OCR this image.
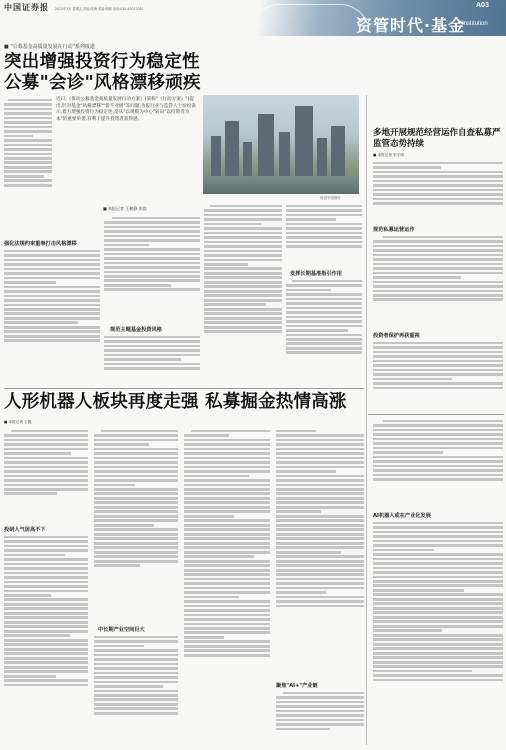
中国证券报 2025年3月 星期五 责编:张海 美编:韩鹏 电话:010-63070381
资管时代·基金
A03
Institution
■ "公募基金高质量发展在行动"系列报道
突出增强投资行为稳定性
公募"会诊"风格漂移顽疾
近日,《推动公募基金高质量发展行动方案》(简称"《行动方案》")提出,针对基金"风格漂移""货不对板"等问题,为报行业与监管人士纷纷表示,着力增强投资行为稳定性,是从"以规模为中心"转向"以投资者为本"的重要举措,有利于提升投资者获得感。
■ 本报记者 王鹤静 张韵
视觉中国图片
强化法规约束重拳打击风格漂移
规范主题基金投资风格
发挥长期基准指引作用
多地开展规范经营运作自查私募严监管态势持续
■ 本报记者 朱宇琪
规范私募运营运作
投资者保护再获重视
AI机器人或在产业化发展
人形机器人板块再度走强 私募掘金热情高涨
■ 本报记者 王健
投研人气居高不下
中长期产业空间巨大
聚焦"AI+"产业链
